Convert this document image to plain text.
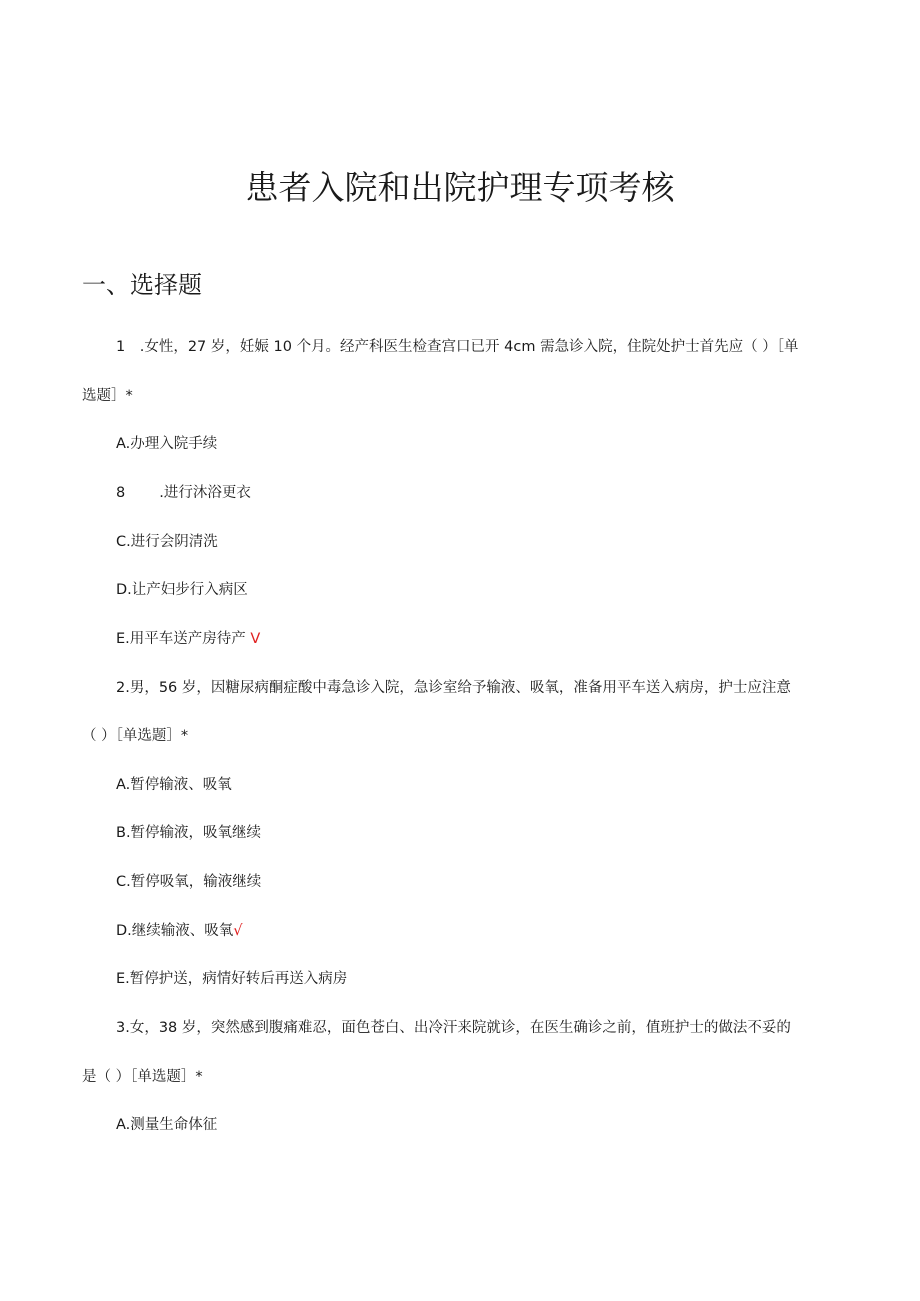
患者入院和出院护理专项考核
一、选择题
1　.女性，27 岁，妊娠 10 个月。经产科医生检查宫口已开 4cm 需急诊入院，住院处护士首先应（ ）［单
选题］*
A.办理入院手续
8 .进行沐浴更衣
C.进行会阴清洗
D.让产妇步行入病区
E.用平车送产房待产 V
2.男，56 岁，因糖尿病酮症酸中毒急诊入院，急诊室给予输液、吸氧，准备用平车送入病房，护士应注意
（ ）［单选题］*
A.暂停输液、吸氧
B.暂停输液，吸氧继续
C.暂停吸氧，输液继续
D.继续输液、吸氧√
E.暂停护送，病情好转后再送入病房
3.女，38 岁，突然感到腹痛难忍，面色苍白、出冷汗来院就诊，在医生确诊之前，值班护士的做法不妥的
是（ ）［单选题］*
A.测量生命体征
